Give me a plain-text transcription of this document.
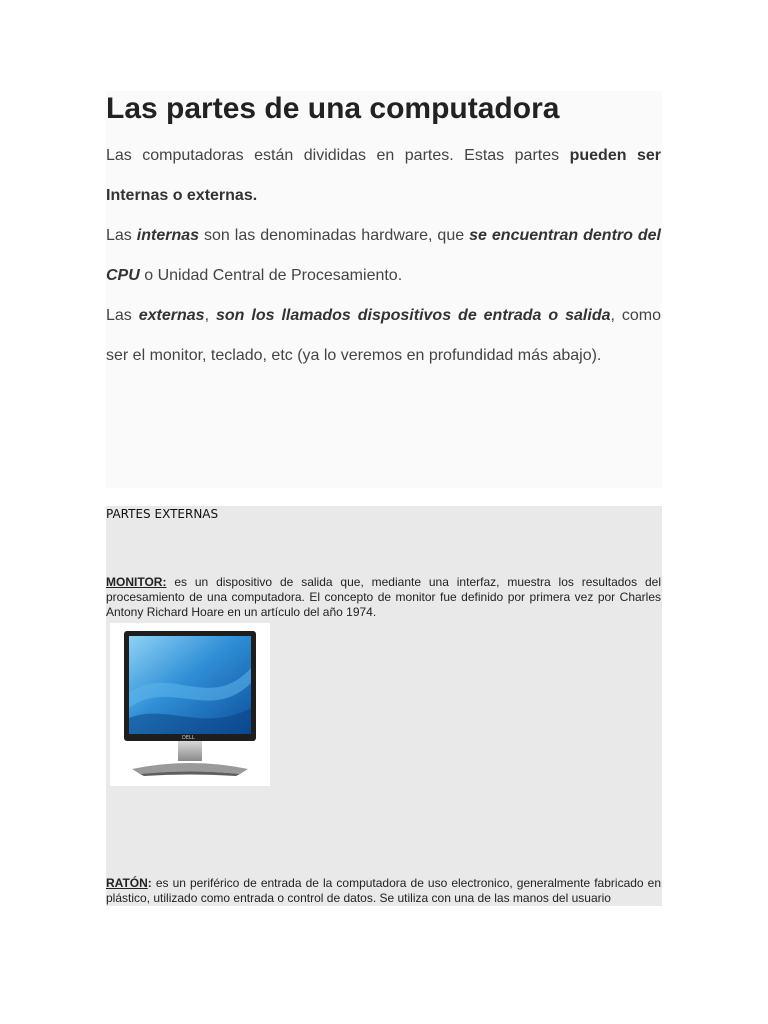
Las partes de una computadora

Las computadoras están divididas en partes. Estas partes pueden ser Internas o externas.

Las internas son las denominadas hardware, que se encuentran dentro del CPU o Unidad Central de Procesamiento.

Las externas, son los llamados dispositivos de entrada o salida, como ser el monitor, teclado, etc (ya lo veremos en profundidad más abajo).

PARTES EXTERNAS

MONITOR: es un dispositivo de salida que, mediante una interfaz, muestra los resultados del procesamiento de una computadora. El concepto de monitor fue definido por primera vez por Charles Antony Richard Hoare en un artículo del año 1974.

DELL

RATÓN: es un periférico de entrada de la computadora de uso electronico, generalmente fabricado en plástico, utilizado como entrada o control de datos. Se utiliza con una de las manos del usuario
